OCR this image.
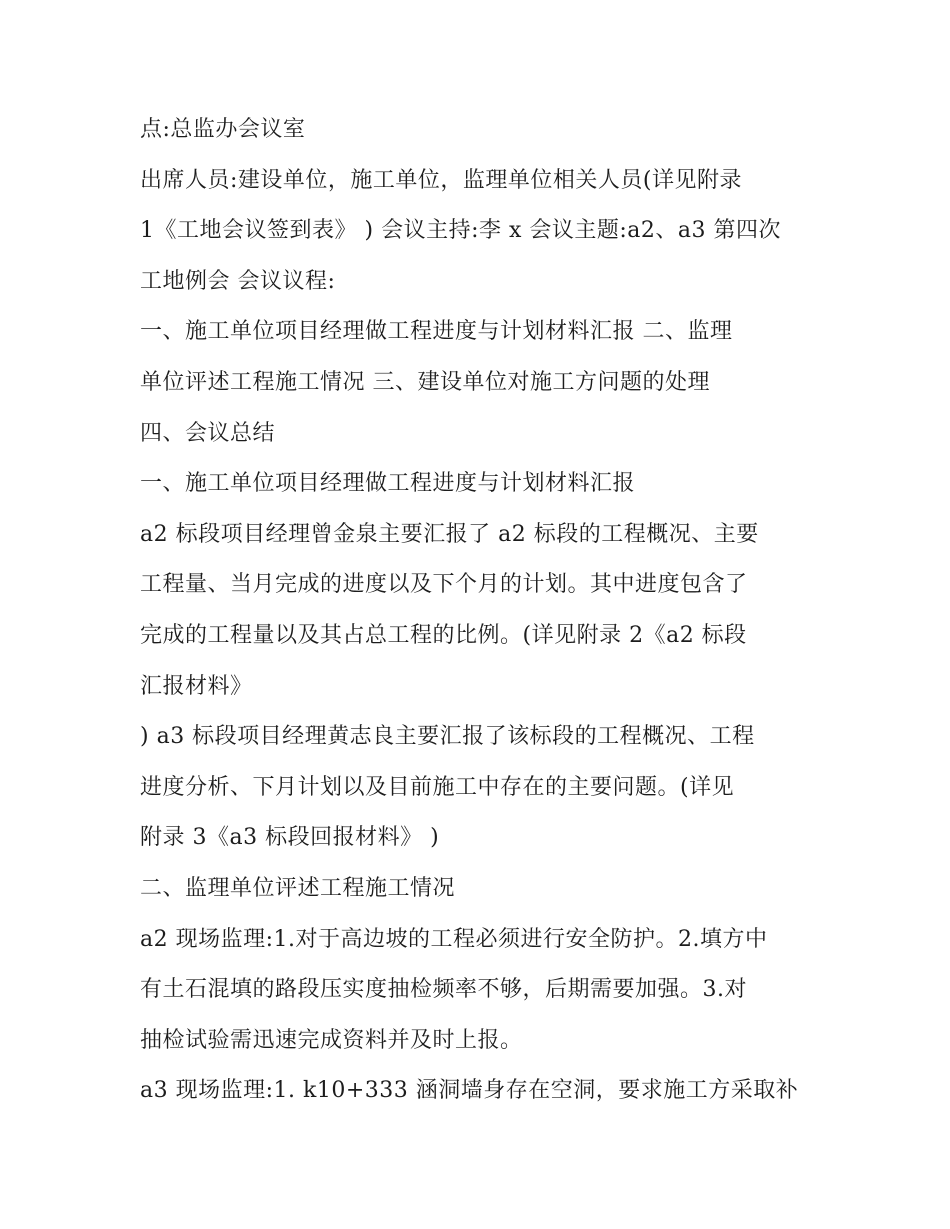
点:总监办会议室
出席人员:建设单位，施工单位，监理单位相关人员(详见附录
1《工地会议签到表》 ) 会议主持:李 x 会议主题:a2、a3 第四次
工地例会 会议议程:
一、施工单位项目经理做工程进度与计划材料汇报 二、监理
单位评述工程施工情况 三、建设单位对施工方问题的处理
四、会议总结
一、施工单位项目经理做工程进度与计划材料汇报
a2 标段项目经理曾金泉主要汇报了 a2 标段的工程概况、主要
工程量、当月完成的进度以及下个月的计划。其中进度包含了
完成的工程量以及其占总工程的比例。(详见附录 2《a2 标段
汇报材料》
) a3 标段项目经理黄志良主要汇报了该标段的工程概况、工程
进度分析、下月计划以及目前施工中存在的主要问题。(详见
附录 3《a3 标段回报材料》 )
二、监理单位评述工程施工情况
a2 现场监理:1.对于高边坡的工程必须进行安全防护。2.填方中
有土石混填的路段压实度抽检频率不够，后期需要加强。3.对
抽检试验需迅速完成资料并及时上报。
a3 现场监理:1. k10+333 涵洞墙身存在空洞，要求施工方采取补
